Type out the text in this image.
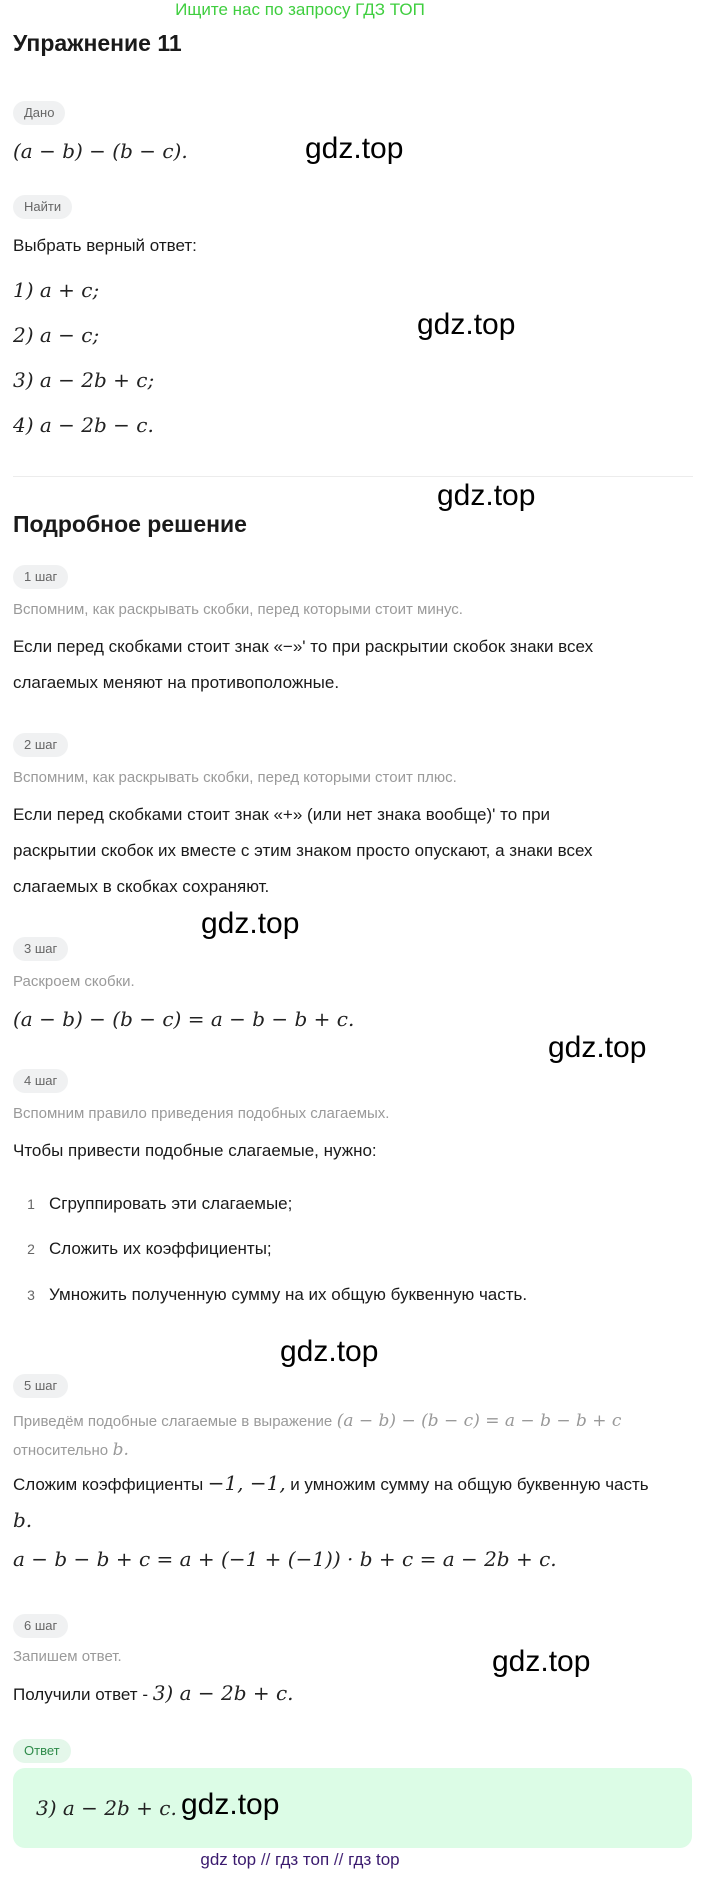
Ищите нас по запросу ГДЗ ТОП
Упражнение 11
Дано
(a − b) − (b − c).
Найти
Выбрать верный ответ:
1) a + c;
2) a − c;
3) a − 2b + c;
4) a − 2b − c.
Подробное решение
1 шаг
Вспомним, как раскрывать скобки, перед которыми стоит минус.
Если перед скобками стоит знак «−»' то при раскрытии скобок знаки всех
слагаемых меняют на противоположные.
2 шаг
Вспомним, как раскрывать скобки, перед которыми стоит плюс.
Если перед скобками стоит знак «+» (или нет знака вообще)' то при
раскрытии скобок их вместе с этим знаком просто опускают, а знаки всех
слагаемых в скобках сохраняют.
3 шаг
Раскроем скобки.
(a − b) − (b − c) = a − b − b + c.
4 шаг
Вспомним правило приведения подобных слагаемых.
Чтобы привести подобные слагаемые, нужно:
1 Сгруппировать эти слагаемые;
2 Сложить их коэффициенты;
3 Умножить полученную сумму на их общую буквенную часть.
5 шаг
Приведём подобные слагаемые в выражение (a − b) − (b − c) = a − b − b + c
относительно b.
Сложим коэффициенты −1, −1, и умножим сумму на общую буквенную часть
b.
a − b − b + c = a + (−1 + (−1)) · b + c = a − 2b + c.
6 шаг
Запишем ответ.
Получили ответ - 3) a − 2b + c.
Ответ
3) a − 2b + c.
gdz.top
gdz.top
gdz.top
gdz.top
gdz.top
gdz.top
gdz.top
gdz.top
gdz top // гдз топ // гдз top
